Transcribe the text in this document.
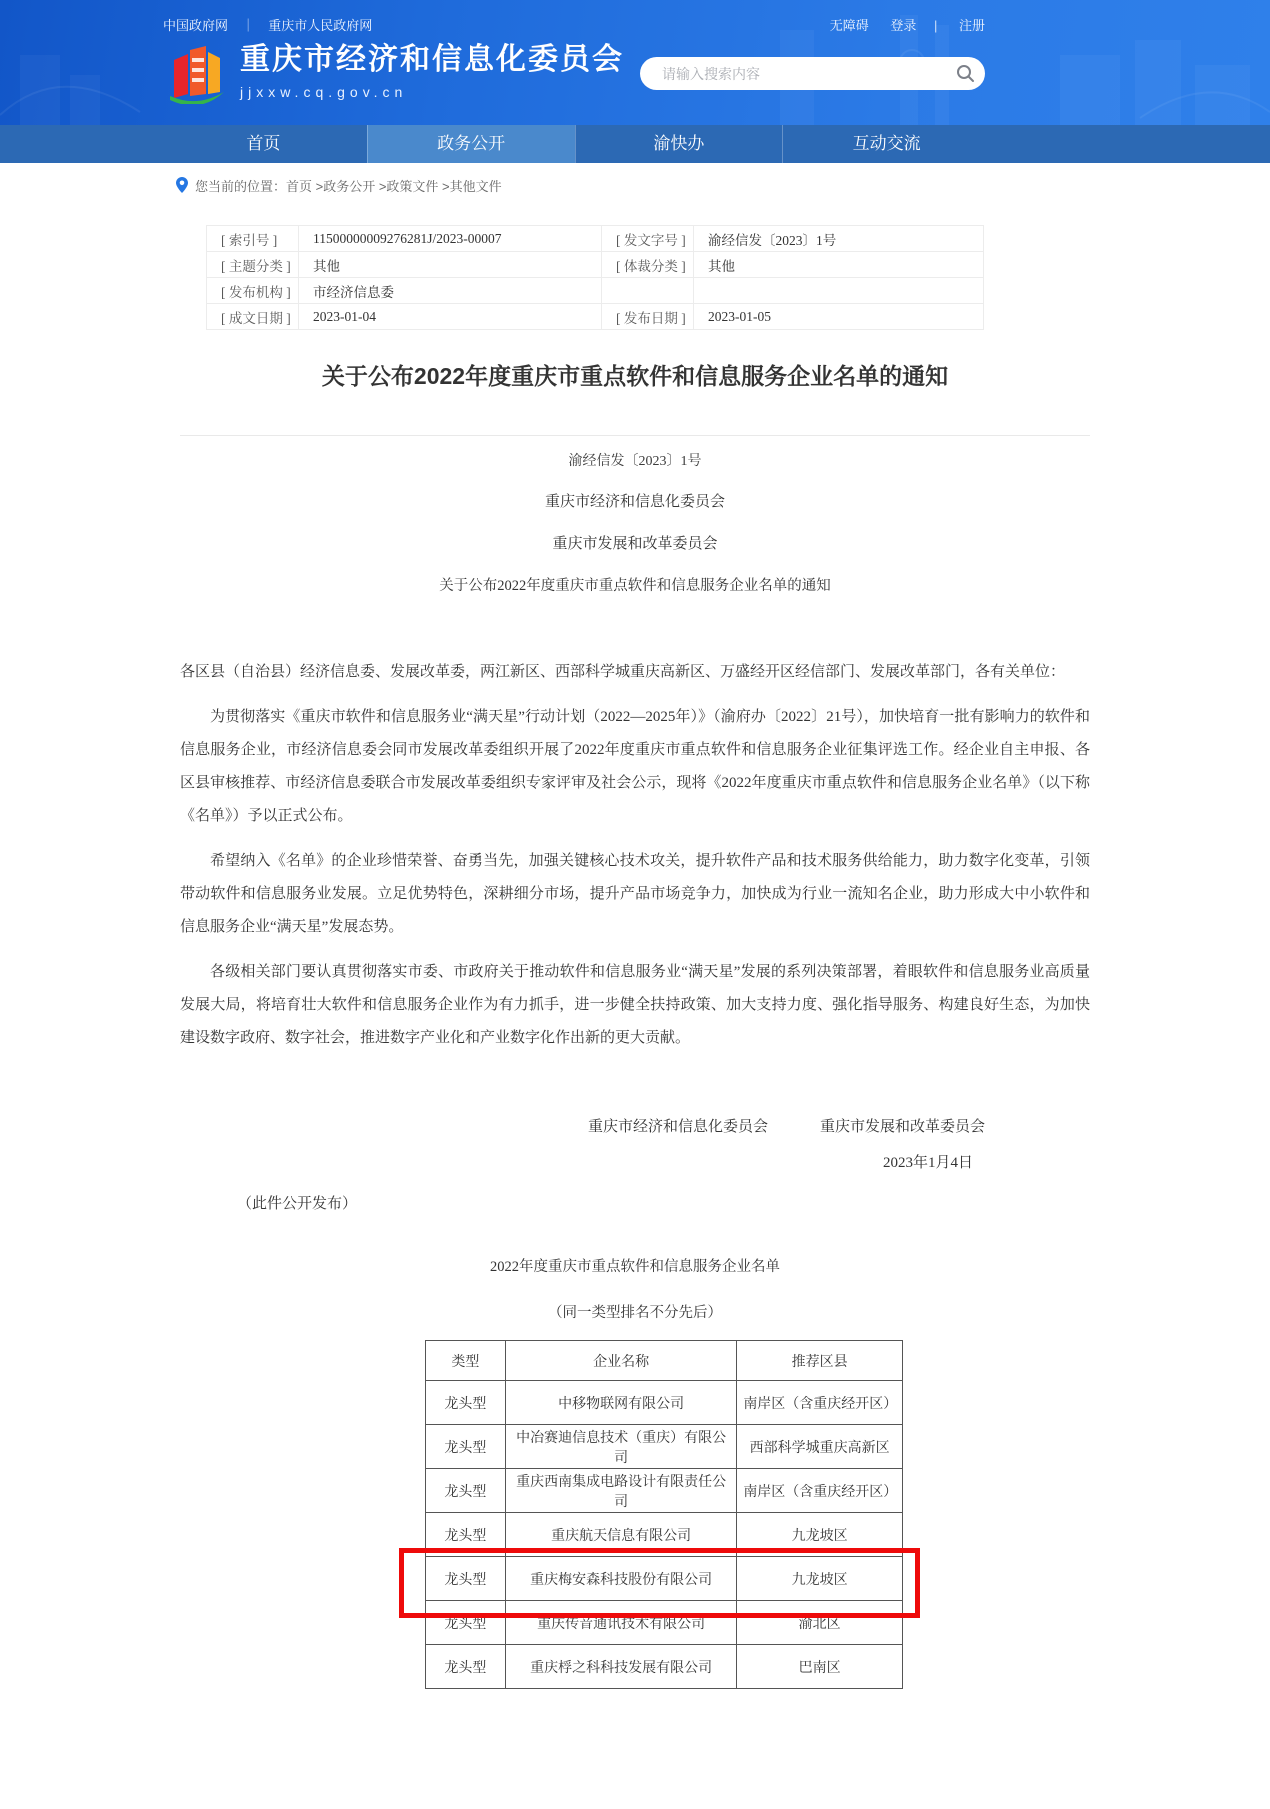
中国政府网 ｜ 重庆市人民政府网	无障碍 登录 | 注册
重庆市经济和信息化委员会
jjxxw.cq.gov.cn
请输入搜索内容
首页	政务公开	渝快办	互动交流
您当前的位置： 首页 >政务公开 >政策文件 >其他文件
[ 索引号 ]	11500000009276281J/2023-00007	[ 发文字号 ]	渝经信发〔2023〕1号
[ 主题分类 ]	其他	[ 体裁分类 ]	其他
[ 发布机构 ]	市经济信息委		
[ 成文日期 ]	2023-01-04	[ 发布日期 ]	2023-01-05
关于公布2022年度重庆市重点软件和信息服务企业名单的通知

渝经信发〔2023〕1号

重庆市经济和信息化委员会

重庆市发展和改革委员会

关于公布2022年度重庆市重点软件和信息服务企业名单的通知

各区县（自治县）经济信息委、发展改革委，两江新区、西部科学城重庆高新区、万盛经开区经信部门、发展改革部门，各有关单位：

为贯彻落实《重庆市软件和信息服务业“满天星”行动计划（2022—2025年）》（渝府办〔2022〕21号），加快培育一批有影响力的软件和信息服务企业，市经济信息委会同市发展改革委组织开展了2022年度重庆市重点软件和信息服务企业征集评选工作。经企业自主申报、各区县审核推荐、市经济信息委联合市发展改革委组织专家评审及社会公示，现将《2022年度重庆市重点软件和信息服务企业名单》（以下称《名单》）予以正式公布。

希望纳入《名单》的企业珍惜荣誉、奋勇当先，加强关键核心技术攻关，提升软件产品和技术服务供给能力，助力数字化变革，引领带动软件和信息服务业发展。立足优势特色，深耕细分市场，提升产品市场竞争力，加快成为行业一流知名企业，助力形成大中小软件和信息服务企业“满天星”发展态势。

各级相关部门要认真贯彻落实市委、市政府关于推动软件和信息服务业“满天星”发展的系列决策部署，着眼软件和信息服务业高质量发展大局，将培育壮大软件和信息服务企业作为有力抓手，进一步健全扶持政策、加大支持力度、强化指导服务、构建良好生态，为加快建设数字政府、数字社会，推进数字产业化和产业数字化作出新的更大贡献。

重庆市经济和信息化委员会	重庆市发展和改革委员会
2023年1月4日

（此件公开发布）

2022年度重庆市重点软件和信息服务企业名单

（同一类型排名不分先后）

类型	企业名称	推荐区县
龙头型	中移物联网有限公司	南岸区（含重庆经开区）
龙头型	中冶赛迪信息技术（重庆）有限公司	西部科学城重庆高新区
龙头型	重庆西南集成电路设计有限责任公司	南岸区（含重庆经开区）
龙头型	重庆航天信息有限公司	九龙坡区
龙头型	重庆梅安森科技股份有限公司	九龙坡区
龙头型	重庆传音通讯技术有限公司	渝北区
龙头型	重庆桴之科科技发展有限公司	巴南区
